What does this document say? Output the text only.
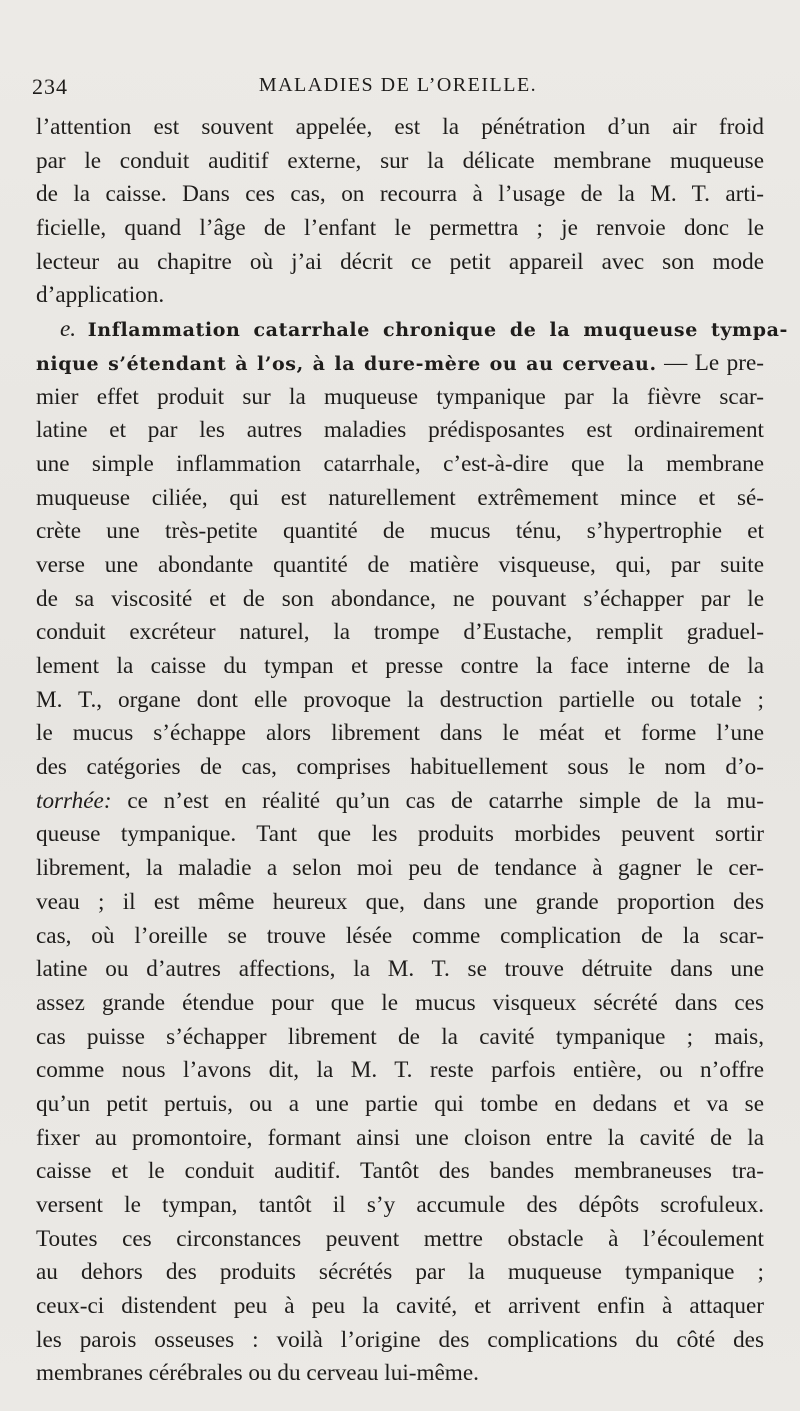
234	MALADIES DE L’OREILLE.
l’attention est souvent appelée, est la pénétration d’un air froid
par le conduit auditif externe, sur la délicate membrane muqueuse
de la caisse. Dans ces cas, on recourra à l’usage de la M. T. arti-
ficielle, quand l’âge de l’enfant le permettra ; je renvoie donc le
lecteur au chapitre où j’ai décrit ce petit appareil avec son mode
d’application.
e. Inflammation catarrhale chronique de la muqueuse tympa-
nique s’étendant à l’os, à la dure-mère ou au cerveau. — Le pre-
mier effet produit sur la muqueuse tympanique par la fièvre scar-
latine et par les autres maladies prédisposantes est ordinairement
une simple inflammation catarrhale, c’est-à-dire que la membrane
muqueuse ciliée, qui est naturellement extrêmement mince et sé-
crète une très-petite quantité de mucus ténu, s’hypertrophie et
verse une abondante quantité de matière visqueuse, qui, par suite
de sa viscosité et de son abondance, ne pouvant s’échapper par le
conduit excréteur naturel, la trompe d’Eustache, remplit graduel-
lement la caisse du tympan et presse contre la face interne de la
M. T., organe dont elle provoque la destruction partielle ou totale ;
le mucus s’échappe alors librement dans le méat et forme l’une
des catégories de cas, comprises habituellement sous le nom d’o-
torrhée: ce n’est en réalité qu’un cas de catarrhe simple de la mu-
queuse tympanique. Tant que les produits morbides peuvent sortir
librement, la maladie a selon moi peu de tendance à gagner le cer-
veau ; il est même heureux que, dans une grande proportion des
cas, où l’oreille se trouve lésée comme complication de la scar-
latine ou d’autres affections, la M. T. se trouve détruite dans une
assez grande étendue pour que le mucus visqueux sécrété dans ces
cas puisse s’échapper librement de la cavité tympanique ; mais,
comme nous l’avons dit, la M. T. reste parfois entière, ou n’offre
qu’un petit pertuis, ou a une partie qui tombe en dedans et va se
fixer au promontoire, formant ainsi une cloison entre la cavité de la
caisse et le conduit auditif. Tantôt des bandes membraneuses tra-
versent le tympan, tantôt il s’y accumule des dépôts scrofuleux.
Toutes ces circonstances peuvent mettre obstacle à l’écoulement
au dehors des produits sécrétés par la muqueuse tympanique ;
ceux-ci distendent peu à peu la cavité, et arrivent enfin à attaquer
les parois osseuses : voilà l’origine des complications du côté des
membranes cérébrales ou du cerveau lui-même.
